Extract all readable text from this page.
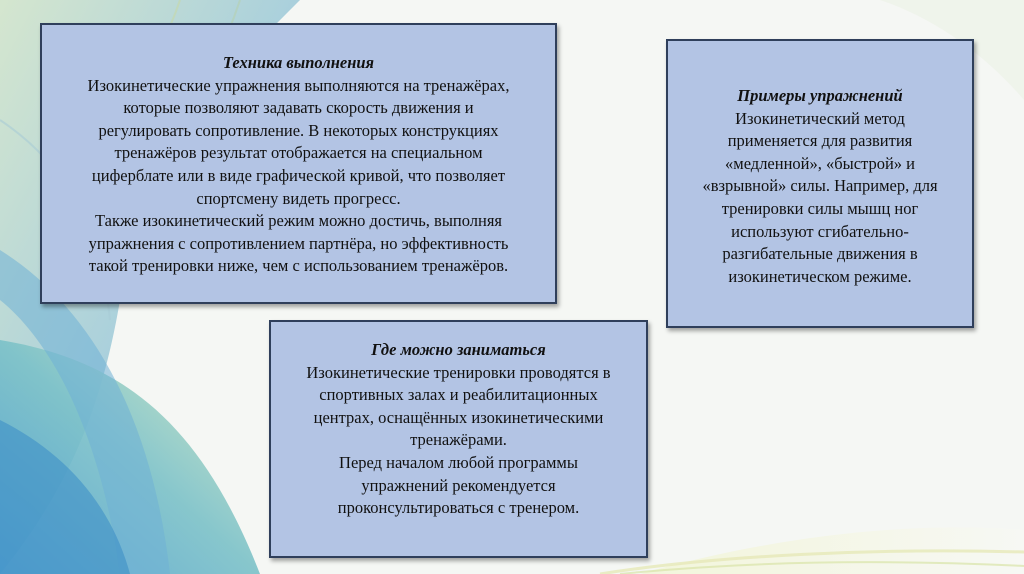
Техника выполнения
Изокинетические упражнения выполняются на тренажёрах,
которые позволяют задавать скорость движения и
регулировать сопротивление. В некоторых конструкциях
тренажёров результат отображается на специальном
циферблате или в виде графической кривой, что позволяет
спортсмену видеть прогресс.
Также изокинетический режим можно достичь, выполняя
упражнения с сопротивлением партнёра, но эффективность
такой тренировки ниже, чем с использованием тренажёров.
Примеры упражнений
Изокинетический метод
применяется для развития
«медленной», «быстрой» и
«взрывной» силы. Например, для
тренировки силы мышц ног
используют сгибательно-
разгибательные движения в
изокинетическом режиме.
Где можно заниматься
Изокинетические тренировки проводятся в
спортивных залах и реабилитационных
центрах, оснащённых изокинетическими
тренажёрами.
Перед началом любой программы
упражнений рекомендуется
проконсультироваться с тренером.
